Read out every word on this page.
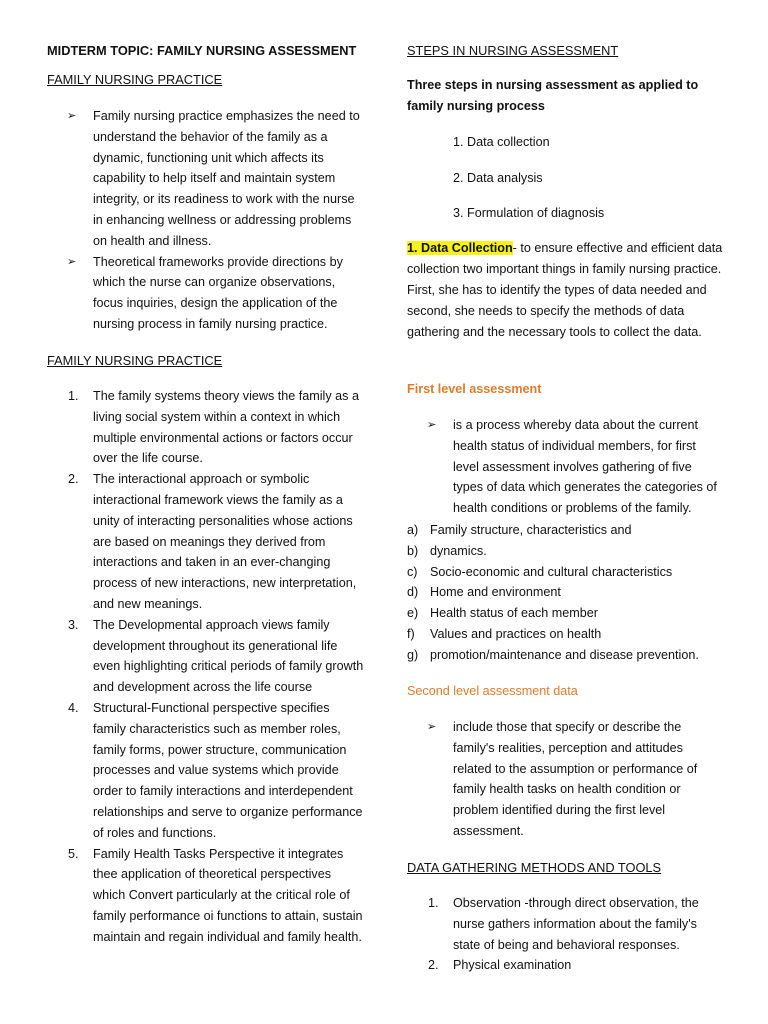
MIDTERM TOPIC: FAMILY NURSING ASSESSMENT
FAMILY NURSING PRACTICE
➢ Family nursing practice emphasizes the need to understand the behavior of the family as a dynamic, functioning unit which affects its capability to help itself and maintain system integrity, or its readiness to work with the nurse in enhancing wellness or addressing problems on health and illness.
➢ Theoretical frameworks provide directions by which the nurse can organize observations, focus inquiries, design the application of the nursing process in family nursing practice.
FAMILY NURSING PRACTICE
1. The family systems theory views the family as a living social system within a context in which multiple environmental actions or factors occur over the life course.
2. The interactional approach or symbolic interactional framework views the family as a unity of interacting personalities whose actions are based on meanings they derived from interactions and taken in an ever-changing process of new interactions, new interpretation, and new meanings.
3. The Developmental approach views family development throughout its generational life even highlighting critical periods of family growth and development across the life course
4. Structural-Functional perspective specifies family characteristics such as member roles, family forms, power structure, communication processes and value systems which provide order to family interactions and interdependent relationships and serve to organize performance of roles and functions.
5. Family Health Tasks Perspective it integrates thee application of theoretical perspectives which Convert particularly at the critical role of family performance oi functions to attain, sustain maintain and regain individual and family health.
STEPS IN NURSING ASSESSMENT

Three steps in nursing assessment as applied to family nursing process

1. Data collection
2. Data analysis
3. Formulation of diagnosis

1. Data Collection- to ensure effective and efficient data collection two important things in family nursing practice. First, she has to identify the types of data needed and second, she needs to specify the methods of data gathering and the necessary tools to collect the data.

First level assessment
➢ is a process whereby data about the current health status of individual members, for first level assessment involves gathering of five types of data which generates the categories of health conditions or problems of the family.
a) Family structure, characteristics and
b) dynamics.
c) Socio-economic and cultural characteristics
d) Home and environment
e) Health status of each member
f) Values and practices on health
g) promotion/maintenance and disease prevention.
Second level assessment data
➢ include those that specify or describe the family's realities, perception and attitudes related to the assumption or performance of family health tasks on health condition or problem identified during the first level assessment.
DATA GATHERING METHODS AND TOOLS
1. Observation -through direct observation, the nurse gathers information about the family's state of being and behavioral responses.
2. Physical examination
